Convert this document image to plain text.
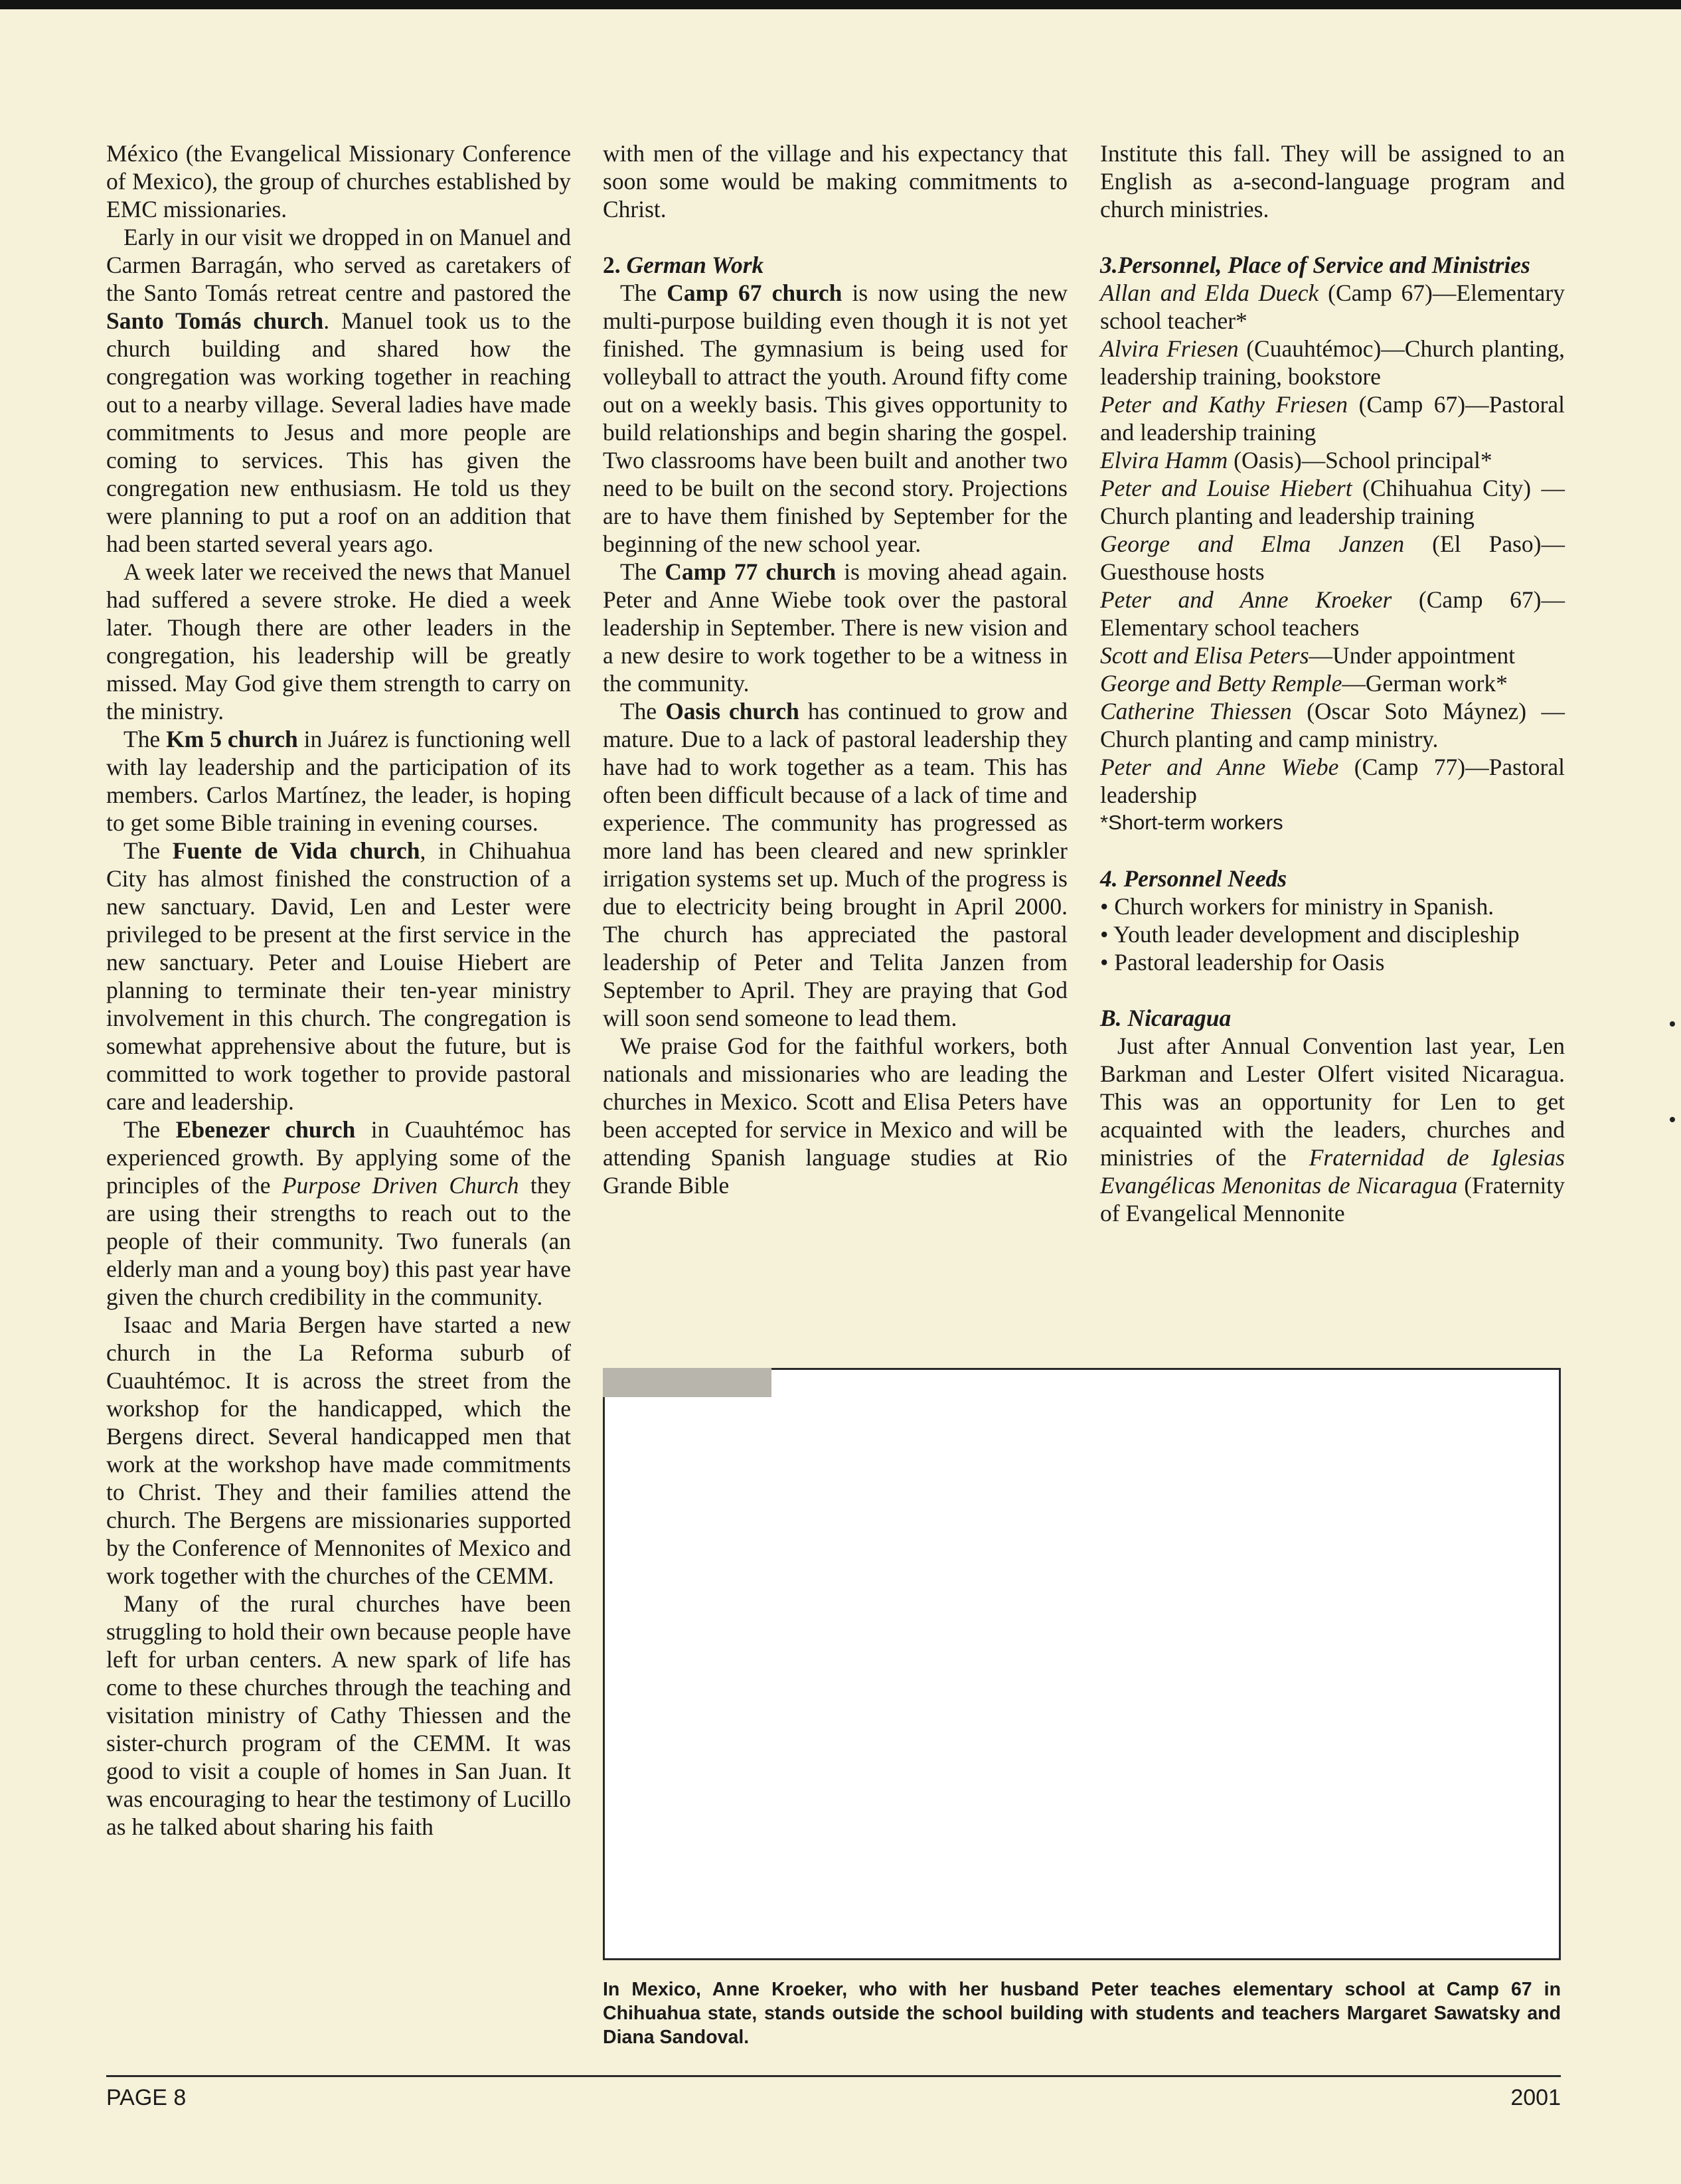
México (the Evangelical Missionary Conference of Mexico), the group of churches established by EMC missionaries.

Early in our visit we dropped in on Manuel and Carmen Barragán, who served as caretakers of the Santo Tomás retreat centre and pastored the Santo Tomás church. Manuel took us to the church building and shared how the congregation was working together in reaching out to a nearby village. Several ladies have made commitments to Jesus and more people are coming to services. This has given the congregation new enthusiasm. He told us they were planning to put a roof on an addition that had been started several years ago.

A week later we received the news that Manuel had suffered a severe stroke. He died a week later. Though there are other leaders in the congregation, his leadership will be greatly missed. May God give them strength to carry on the ministry.

The Km 5 church in Juárez is functioning well with lay leadership and the participation of its members. Carlos Martínez, the leader, is hoping to get some Bible training in evening courses.

The Fuente de Vida church, in Chihuahua City has almost finished the construction of a new sanctuary. David, Len and Lester were privileged to be present at the first service in the new sanctuary. Peter and Louise Hiebert are planning to terminate their ten-year ministry involvement in this church. The congregation is somewhat apprehensive about the future, but is committed to work together to provide pastoral care and leadership.

The Ebenezer church in Cuauhtémoc has experienced growth. By applying some of the principles of the Purpose Driven Church they are using their strengths to reach out to the people of their community. Two funerals (an elderly man and a young boy) this past year have given the church credibility in the community.

Isaac and Maria Bergen have started a new church in the La Reforma suburb of Cuauhtémoc. It is across the street from the workshop for the handicapped, which the Bergens direct. Several handicapped men that work at the workshop have made commitments to Christ. They and their families attend the church. The Bergens are missionaries supported by the Conference of Mennonites of Mexico and work together with the churches of the CEMM.

Many of the rural churches have been struggling to hold their own because people have left for urban centers. A new spark of life has come to these churches through the teaching and visitation ministry of Cathy Thiessen and the sister-church program of the CEMM. It was good to visit a couple of homes in San Juan. It was encouraging to hear the testimony of Lucillo as he talked about sharing his faith

with men of the village and his expectancy that soon some would be making commitments to Christ.

2. German Work

The Camp 67 church is now using the new multi-purpose building even though it is not yet finished. The gymnasium is being used for volleyball to attract the youth. Around fifty come out on a weekly basis. This gives opportunity to build relationships and begin sharing the gospel. Two classrooms have been built and another two need to be built on the second story. Projections are to have them finished by September for the beginning of the new school year.

The Camp 77 church is moving ahead again. Peter and Anne Wiebe took over the pastoral leadership in September. There is new vision and a new desire to work together to be a witness in the community.

The Oasis church has continued to grow and mature. Due to a lack of pastoral leadership they have had to work together as a team. This has often been difficult because of a lack of time and experience. The community has progressed as more land has been cleared and new sprinkler irrigation systems set up. Much of the progress is due to electricity being brought in April 2000. The church has appreciated the pastoral leadership of Peter and Telita Janzen from September to April. They are praying that God will soon send someone to lead them.

We praise God for the faithful workers, both nationals and missionaries who are leading the churches in Mexico. Scott and Elisa Peters have been accepted for service in Mexico and will be attending Spanish language studies at Rio Grande Bible

Institute this fall. They will be assigned to an English as a-second-language program and church ministries.

3.Personnel, Place of Service and Ministries

Allan and Elda Dueck (Camp 67)—Elementary school teacher*

Alvira Friesen (Cuauhtémoc)—Church planting, leadership training, bookstore

Peter and Kathy Friesen (Camp 67)—Pastoral and leadership training

Elvira Hamm (Oasis)—School principal*

Peter and Louise Hiebert (Chihuahua City) —Church planting and leadership training

George and Elma Janzen (El Paso)— Guesthouse hosts

Peter and Anne Kroeker (Camp 67)—Elementary school teachers

Scott and Elisa Peters—Under appointment

George and Betty Remple—German work*

Catherine Thiessen (Oscar Soto Máynez) —Church planting and camp ministry.

Peter and Anne Wiebe (Camp 77)—Pastoral leadership

*Short-term workers

4. Personnel Needs

• Church workers for ministry in Spanish.

• Youth leader development and discipleship

• Pastoral leadership for Oasis

B. Nicaragua

Just after Annual Convention last year, Len Barkman and Lester Olfert visited Nicaragua. This was an opportunity for Len to get acquainted with the leaders, churches and ministries of the Fraternidad de Iglesias Evangélicas Menonitas de Nicaragua (Fraternity of Evangelical Mennonite

In Mexico, Anne Kroeker, who with her husband Peter teaches elementary school at Camp 67 in Chihuahua state, stands outside the school building with students and teachers Margaret Sawatsky and Diana Sandoval.
PAGE 8	2001
